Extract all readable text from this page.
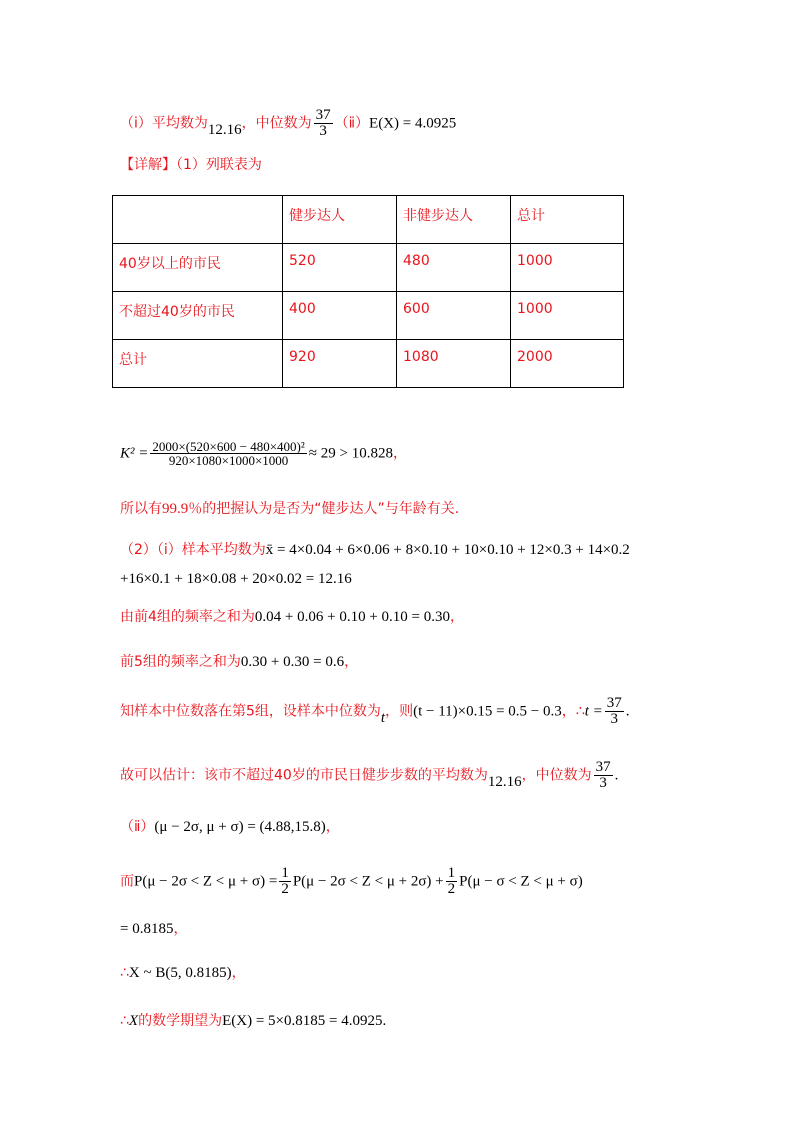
（ⅰ）平均数为12.16，中位数为 $\frac{37}{3}$ （ⅱ）E(X) = 4.0925
【详解】（1）列联表为
	健步达人	非健步达人	总计
40岁以上的市民	520	480	1000
不超过40岁的市民	400	600	1000
总计	920	1080	2000
$K^2 = \frac{\text{2000×(520×600 − 480×400)²}}{920\times 1080\times 1000\times 1000} \approx 29 > 10.828$，
所以有99.9％的把握认为是否为“健步达人”与年龄有关.
（2）（ⅰ）样本平均数为x̄ = 4×0.04 + 6×0.06 + 8×0.10 + 10×0.10 + 12×0.3 + 14×0.2
+16×0.1 + 18×0.08 + 20×0.02 = 12.16
由前4组的频率之和为0.04 + 0.06 + 0.10 + 0.10 = 0.30，
前5组的频率之和为0.30 + 0.30 = 0.6，
知样本中位数落在第5组，设样本中位数为t，则(t − 11)×0.15 = 0.5 − 0.3，∴t = $\frac{37}{3}$ .
故可以估计：该市不超过40岁的市民日健步步数的平均数为12.16，中位数为 $\frac{37}{3}$ .
（ⅱ）(μ − 2σ, μ + σ) = (4.88,15.8)，
而$P(\mu - 2\sigma < Z < \mu + \sigma) = \frac{1}{2} P(\mu - 2\sigma < Z < \mu + 2\sigma) + \frac{1}{2} P(\mu - \sigma < Z < \mu + \sigma)$
= 0.8185，
∴X ~ B(5, 0.8185)，
∴X的数学期望为E(X) = 5×0.8185 = 4.0925.
